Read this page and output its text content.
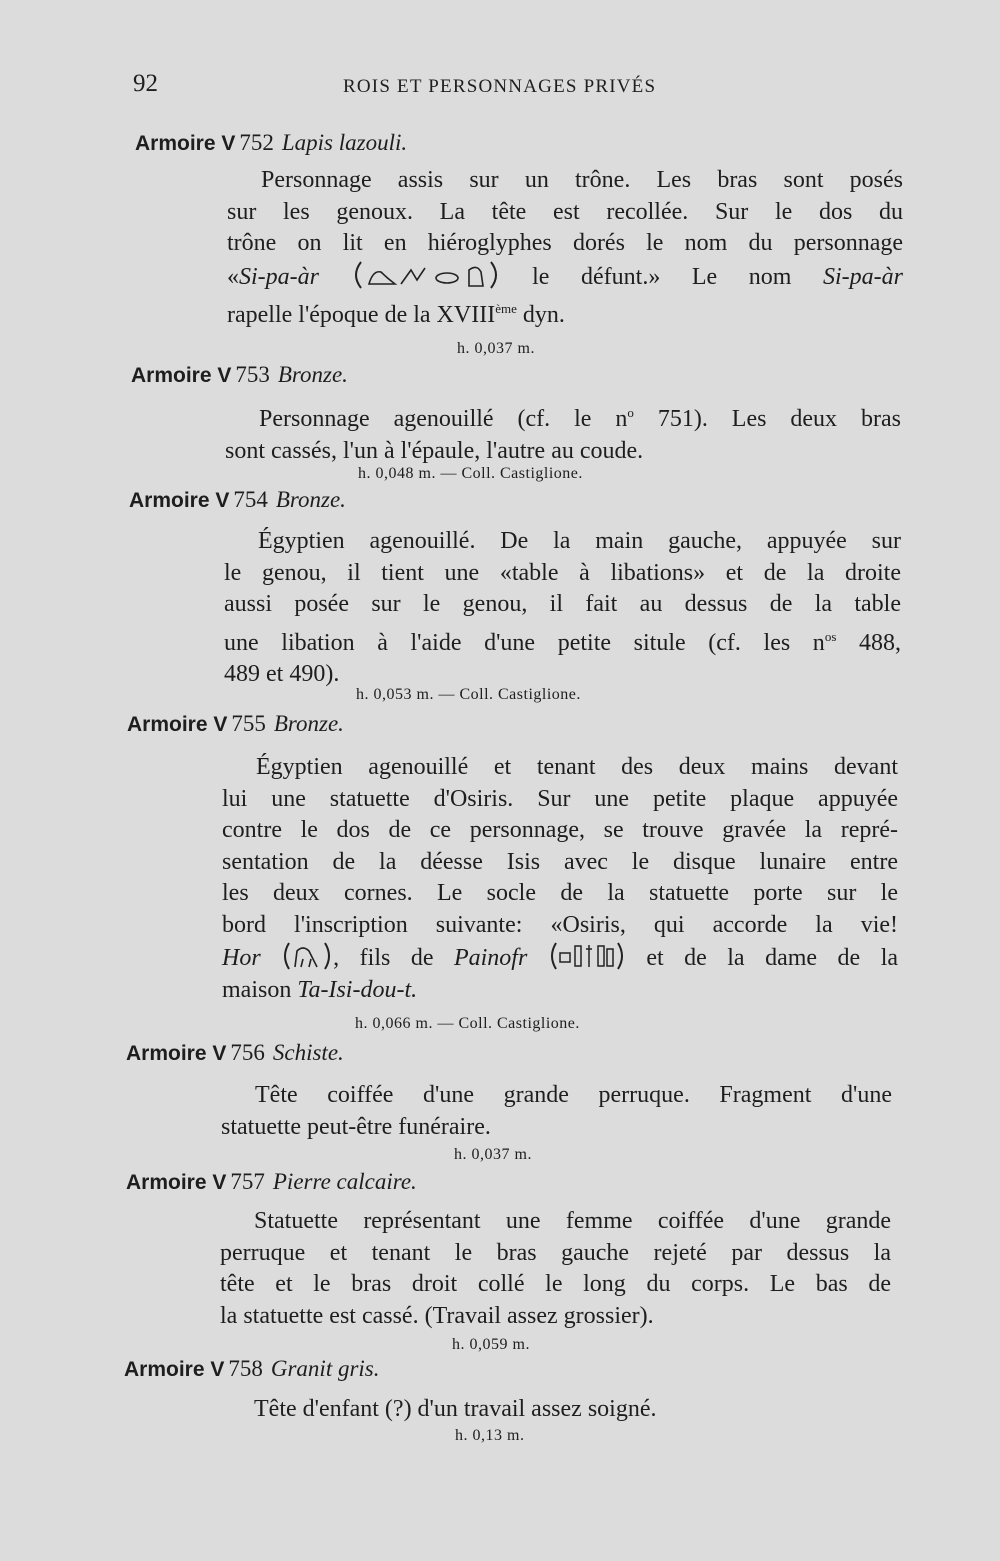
92	ROIS ET PERSONNAGES PRIVÉS
Armoire V 752 Lapis lazouli.
Personnage assis sur un trône. Les bras sont posés
sur les genoux. La tête est recollée. Sur le dos du
trône on lit en hiéroglyphes dorés le nom du personnage
«Si-pa-àr	le défunt.» Le nom Si-pa-àr
rapelle l'époque de la XVIIIème dyn.
h. 0,037 m.
Armoire V 753 Bronze.
Personnage agenouillé (cf. le $n^o$ 751). Les deux bras
sont cassés, l'un à l'épaule, l'autre au coude.
h. 0,048 m. — Coll. Castiglione.
Armoire V 754 Bronze.
Égyptien agenouillé. De la main gauche, appuyée sur
le genou, il tient une «table à libations» et de la droite
aussi posée sur le genou, il fait au dessus de la table
une libation à l'aide d'une petite situle (cf. les $n^{os}$ 488,
489 et 490).
h. 0,053 m. — Coll. Castiglione.
Armoire V 755 Bronze.
Égyptien agenouillé et tenant des deux mains devant
lui une statuette d'Osiris. Sur une petite plaque appuyée
contre le dos de ce personnage, se trouve gravée la repré-
sentation de la déesse Isis avec le disque lunaire entre
les deux cornes. Le socle de la statuette porte sur le
bord l'inscription suivante: «Osiris, qui accorde la vie!
Hor	, fils de Painofr	et de la dame de la
maison Ta-Isi-dou-t.
h. 0,066 m. — Coll. Castiglione.
Armoire V 756 Schiste.
Tête coiffée d'une grande perruque. Fragment d'une
statuette peut-être funéraire.
h. 0,037 m.
Armoire V 757 Pierre calcaire.
Statuette représentant une femme coiffée d'une grande
perruque et tenant le bras gauche rejeté par dessus la
tête et le bras droit collé le long du corps. Le bas de
la statuette est cassé. (Travail assez grossier).
h. 0,059 m.
Armoire V 758 Granit gris.
Tête d'enfant (?) d'un travail assez soigné.
h. 0,13 m.
